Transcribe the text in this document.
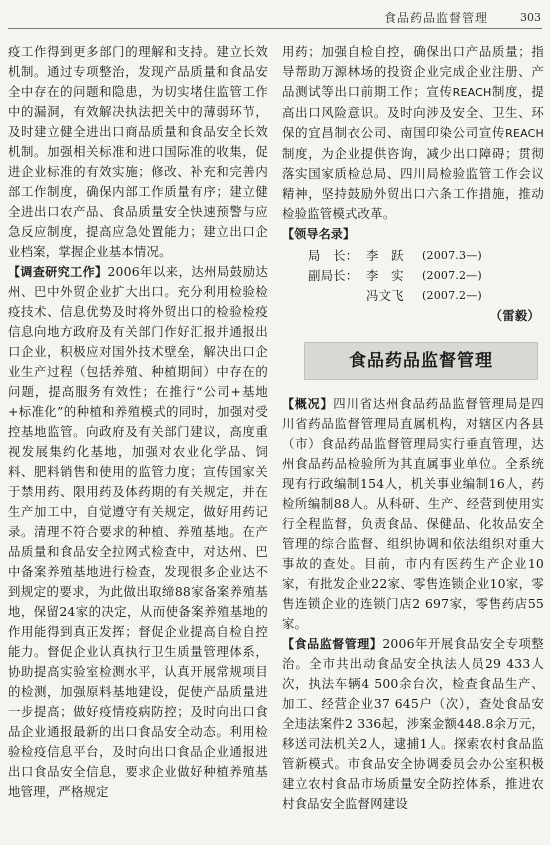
食品药品监督管理	303

疫工作得到更多部门的理解和支持。建立长效机制。通过专项整治，发现产品质量和食品安全中存在的问题和隐患，为切实堵住监管工作中的漏洞，有效解决执法把关中的薄弱环节，及时建立健全进出口商品质量和食品安全长效机制。加强相关标准和进口国际准的收集，促进企业标准的有效实施；修改、补充和完善内部工作制度，确保内部工作质量有序；建立健全进出口农产品、食品质量安全快速预警与应急反应制度，提高应急处置能力；建立出口企业档案，掌握企业基本情况。

【调查研究工作】2006年以来，达州局鼓励达州、巴中外贸企业扩大出口。充分利用检验检疫技术、信息优势及时将外贸出口的检验检疫信息向地方政府及有关部门作好汇报并通报出口企业，积极应对国外技术壁垒，解决出口企业生产过程（包括养殖、种植期间）中存在的问题，提高服务有效性；在推行“公司+基地+标准化”的种植和养殖模式的同时，加强对受控基地监管。向政府及有关部门建议，高度重视发展集约化基地，加强对农业化学品、饲料、肥料销售和使用的监管力度；宣传国家关于禁用药、限用药及体药期的有关规定，并在生产加工中，自觉遵守有关规定，做好用药记录。清理不符合要求的种植、养殖基地。在产品质量和食品安全拉网式检查中，对达州、巴中备案养殖基地进行检查，发现很多企业达不到规定的要求，为此做出取缔88家备案养殖基地，保留24家的决定，从而使备案养殖基地的作用能得到真正发挥；督促企业提高自检自控能力。督促企业认真执行卫生质量管理体系，协助提高实验室检测水平，认真开展常规项目的检测，加强原料基地建设，促使产品质量进一步提高；做好疫情疫病防控；及时向出口食品企业通报最新的出口食品安全动态。利用检验检疫信息平台，及时向出口食品企业通报进出口食品安全信息，要求企业做好种植养殖基地管理，严格规定

用药；加强自检自控，确保出口产品质量；指导帮助万源林场的投资企业完成企业注册、产品测试等出口前期工作；宣传REACH制度，提高出口风险意识。及时向涉及安全、卫生、环保的宜昌制衣公司、南国印染公司宣传REACH制度，为企业提供咨询，减少出口障碍；贯彻落实国家质检总局、四川局检验监管工作会议精神，坚持鼓励外贸出口六条工作措施，推动检验监管模式改革。

【领导名录】

局　长： 李　跃 (2007.3—)
副局长： 李　实 (2007.2—)
冯文飞 (2007.2—)

（雷毅）

食品药品监督管理

【概况】四川省达州食品药品监督管理局是四川省药品监督管理局直属机构，对辖区内各县（市）食品药品监督管理局实行垂直管理，达州食品药品检验所为其直属事业单位。全系统现有行政编制154人，机关事业编制16人，药检所编制88人。从科研、生产、经营到使用实行全程监督，负责食品、保健品、化妆品安全管理的综合监督、组织协调和依法组织对重大事故的查处。目前，市内有医药生产企业10家，有批发企业22家、零售连锁企业10家，零售连锁企业的连锁门店2 697家，零售药店55家。

【食品监督管理】2006年开展食品安全专项整治。全市共出动食品安全执法人员29 433人次，执法车辆4 500余台次，检查食品生产、加工、经营企业37 645户（次），查处食品安全违法案件2 336起，涉案金额448.8余万元，移送司法机关2人，逮捕1人。探索农村食品监管新模式。市食品安全协调委员会办公室积极建立农村食品市场质量安全防控体系，推进农村食品安全监督网建设
